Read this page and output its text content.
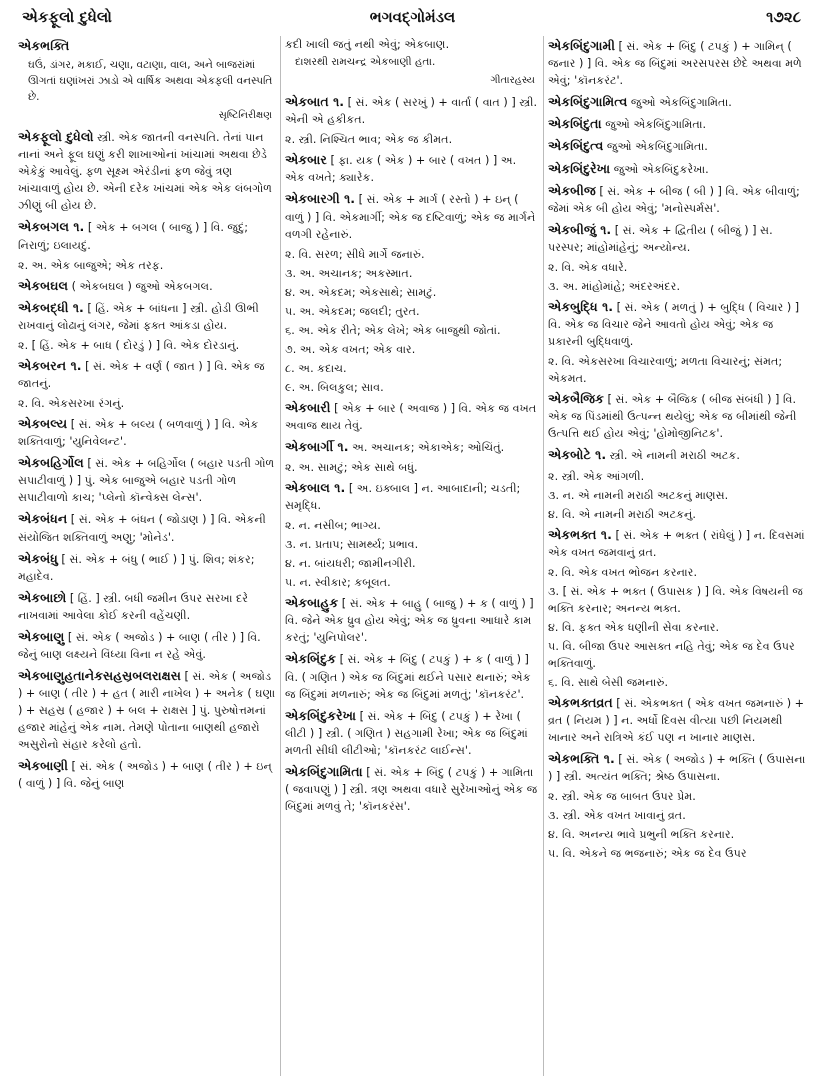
એકફૂલો દુધેલો	ભગવદ્ગોમંડલ	૧૭૨૮
એકભક્તિ
ઘઉં, ડાંગર, મકાઈ, ચણા, વટાણા, વાલ, અને બાજરાંમાં ઊગતાં ઘણાંખરાં ઝાડો એ વાર્ષિક અથવા એકફલી વનસ્પતિ છે.
સૃષ્ટિનિરીક્ષણ
એકફૂલો દુધેલો સ્ત્રી. એક જાતની વનસ્પતિ. તેનાં પાન નાનાં અને ફૂલ ઘણું કરી શાખાઓનાં ખાંચામાં અથવા છેડે એકેકું આવેલું. ફળ સૂક્ષ્મ એરંડીનાં ફળ જેવું ત્રણ ખાંચાવાળું હોય છે. એની દરેક ખાંચમાં એક એક લંબગોળ ઝીણું બી હોય છે.
એકબગલ ૧. [ એક + બગલ ( બાજુ ) ] વિ. જુદું; નિરાળું; ઇલાયદું.
૨. અ. એક બાજુએ; એક તરફ.
એકબઘલ ( એકબઘલ ) જુઓ એકબગલ.
એકબદ્ધી ૧. [ હિં. એક + બાંધના ] સ્ત્રી. હોડી ઊભી રાખવાનું લોઢાનું લંગર, જેમાં ફક્ત આંકડા હોય.
૨. [ હિં. એક + બાધ ( દોરડું ) ] વિ. એક દોરડાનું.
એકબરન ૧. [ સં. એક + વર્ણ ( જાત ) ] વિ. એક જ જાતનું.
૨. વિ. એકસરખા રંગનું.
એકબલ્ય [ સં. એક + બલ્ય ( બળવાળું ) ] વિ. એક શક્તિવાળું; 'યુનિવેલન્ટ'.
એકબહિર્ગોલ [ સં. એક + બહિર્ગોલ ( બહાર પડતી ગોળ સપાટીવાળું ) ] પું. એક બાજુએ બહાર પડતી ગોળ સપાટીવાળો કાચ; 'પ્લેનો કૉન્વેક્સ લેન્સ'.
એકબંધન [ સં. એક + બંધન ( જોડાણ ) ] વિ. એકની સંયોજિત શક્તિવાળું અણુ; 'મોનેડ'.
એકબંધુ [ સં. એક + બંધુ ( ભાઈ ) ] પું. શિવ; શંકર; મહાદેવ.
એકબાછો [ હિં. ] સ્ત્રી. બધી જમીન ઉપર સરખા દરે નાખવામાં આવેલા કોઈ કરની વહેંચણી.
એકબાણુ [ સં. એક ( અજોડ ) + બાણ ( તીર ) ] વિ. જેનું બાણ લક્ષ્યને વિંધ્યા વિના ન રહે એવું.
એકબાણુહતાનેકસહસ્રબલરાક્ષસ [ સં. એક ( અજોડ ) + બાણ ( તીર ) + હત ( મારી નાખેલ ) + અનેક ( ઘણા ) + સહસ્ર ( હજાર ) + બલ + રાક્ષસ ] પું. પુરુષોત્તમનાં હજાર માંહેનું એક નામ. તેમણે પોતાના બાણથી હજારો અસુરોનો સંહાર કરેલો હતો.
એકબાણી [ સં. એક ( અજોડ ) + બાણ ( તીર ) + ઇન્ ( વાળું ) ] વિ. જેનું બાણ
કદી ખાલી જતું નથી એવું; એકબાણ.
દાશરથી રામચન્દ્ર એકબાણી હતા.
ગીતારહસ્ય
એકબાત ૧. [ સં. એક ( સરખું ) + વાર્તા ( વાત ) ] સ્ત્રી. એની એ હકીકત.
૨. સ્ત્રી. નિશ્ચિત ભાવ; એક જ કીમત.
એકબાર [ ફા. યક ( એક ) + બાર ( વખત ) ] અ. એક વખતે; ક્યારેક.
એકબારગી ૧. [ સં. એક + માર્ગ ( રસ્તો ) + ઇન્ ( વાળું ) ] વિ. એકમાર્ગી; એક જ દષ્ટિવાળું; એક જ માર્ગને વળગી રહેનારું.
૨. વિ. સરળ; સીધે માર્ગે જનારું.
૩. અ. અચાનક; અકસ્માત.
૪. અ. એકદમ; એકસાથે; સામટું.
૫. અ. એકદમ; જલદી; તુરત.
૬. અ. એક રીતે; એક લેખે; એક બાજુથી જોતાં.
૭. અ. એક વખત; એક વાર.
૮. અ. કદાચ.
૯. અ. બિલકુલ; સાવ.
એકબારી [ એક + બાર ( અવાજ ) ] વિ. એક જ વખત અવાજ થાય તેવું.
એકબાર્ગી ૧. અ. અચાનક; એકાએક; ઓચિંતું.
૨. અ. સામટું; એક સાથે બધું.
એકબાલ ૧. [ અ. ઇક્બાલ ] ન. આબાદાની; ચડતી; સમૃદ્ધિ.
૨. ન. નસીબ; ભાગ્ય.
૩. ન. પ્રતાપ; સામર્થ્ય; પ્રભાવ.
૪. ન. બાંયધરી; જામીનગીરી.
૫. ન. સ્વીકાર; કબૂલત.
એકબાહુક [ સં. એક + બાહુ ( બાજુ ) + ક ( વાળું ) ] વિ. જેને એક ધ્રુવ હોય એવું; એક જ ધ્રુવના આધારે કામ કરતું; 'યુનિપોલર'.
એકબિંદુક [ સં. એક + બિંદુ ( ટપકું ) + ક ( વાળું ) ] વિ. ( ગણિત ) એક જ બિંદુમાં થઈને પસાર થનારું; એક જ બિંદુમાં મળનારું; એક જ બિંદુમાં મળતું; 'કૉનકરંટ'.
એકબિંદુકરેખા [ સં. એક + બિંદુ ( ટપકું ) + રેખા ( લીટી ) ] સ્ત્રી. ( ગણિત ) સહગામી રેખા; એક જ બિંદુમાં મળતી સીધી લીટીઓ; 'કૉનકરંટ લાઈન્સ'.
એકબિંદુગામિતા [ સં. એક + બિંદુ ( ટપકું ) + ગામિતા ( જવાપણું ) ] સ્ત્રી. ત્રણ અથવા વધારે સુરેખાઓનું એક જ બિંદુમાં મળવું તે; 'કૉનકરંસ'.
એકબિંદુગામી [ સં. એક + બિંદુ ( ટપકું ) + ગામિન્ ( જનાર ) ] વિ. એક જ બિંદુમાં અરસપરસ છેદે અથવા મળે એવું; 'કૉનકરંટ'.
એકબિંદુગામિત્વ જુઓ એકબિંદુગામિતા.
એકબિંદુતા જુઓ એકબિંદુગામિતા.
એકબિંદુત્વ જુઓ એકબિંદુગામિતા.
એકબિંદુરેખા જુઓ એકબિંદુકરેખા.
એકબીજ [ સં. એક + બીજ ( બી ) ] વિ. એક બીવાળું; જેમાં એક બી હોય એવું; 'મનોસ્પર્મસ'.
એકબીજું ૧. [ સં. એક + દ્વિતીય ( બીજું ) ] સ. પરસ્પર; માંહોમાંહેનું; અન્યોન્ય.
૨. વિ. એક વધારે.
૩. અ. માંહોમાંહે; અંદરઅંદર.
એકબુદ્ધિ ૧. [ સં. એક ( મળતું ) + બુદ્ધિ ( વિચાર ) ] વિ. એક જ વિચાર જેને આવતો હોય એવું; એક જ પ્રકારની બુદ્ધિવાળું.
૨. વિ. એકસરખા વિચારવાળું; મળતા વિચારનું; સંમત; એકમત.
એકબૈજિક [ સં. એક + બૈજિક ( બીજ સંબંધી ) ] વિ. એક જ પિંડમાંથી ઉત્પન્ન થયેલું; એક જ બીમાંથી જેની ઉત્પત્તિ થઈ હોય એવું; 'હોમોજીનિટક'.
એકબોટે ૧. સ્ત્રી. એ નામની મરાઠી અટક.
૨. સ્ત્રી. એક આંગળી.
૩. ન. એ નામની મરાઠી અટકનું માણસ.
૪. વિ. એ નામની મરાઠી અટકનું.
એકભક્ત ૧. [ સં. એક + ભક્ત ( રાંધેલું ) ] ન. દિવસમાં એક વખત જમવાનું વ્રત.
૨. વિ. એક વખત ભોજન કરનાર.
૩. [ સં. એક + ભક્ત ( ઉપાસક ) ] વિ. એક વિષયની જ ભક્તિ કરનાર; અનન્ય ભક્ત.
૪. વિ. ફક્ત એક ધણીની સેવા કરનાર.
૫. વિ. બીજા ઉપર આસક્ત નહિ તેવું; એક જ દેવ ઉપર ભક્તિવાળું.
૬. વિ. સાથે બેસી જમનારું.
એકભક્તવ્રત [ સં. એકભક્ત ( એક વખત જમનારું ) + વ્રત ( નિયમ ) ] ન. અર્ધો દિવસ વીત્યા પછી નિયમથી ખાનાર અને રાત્રિએ કંઈ પણ ન ખાનાર માણસ.
એકભક્તિ ૧. [ સં. એક ( અજોડ ) + ભક્તિ ( ઉપાસના ) ] સ્ત્રી. અત્યંત ભક્તિ; શ્રેષ્ઠ ઉપાસના.
૨. સ્ત્રી. એક જ બાબત ઉપર પ્રેમ.
૩. સ્ત્રી. એક વખત ખાવાનું વ્રત.
૪. વિ. અનન્ય ભાવે પ્રભુની ભક્તિ કરનાર.
૫. વિ. એકને જ ભજનારું; એક જ દેવ ઉપર
